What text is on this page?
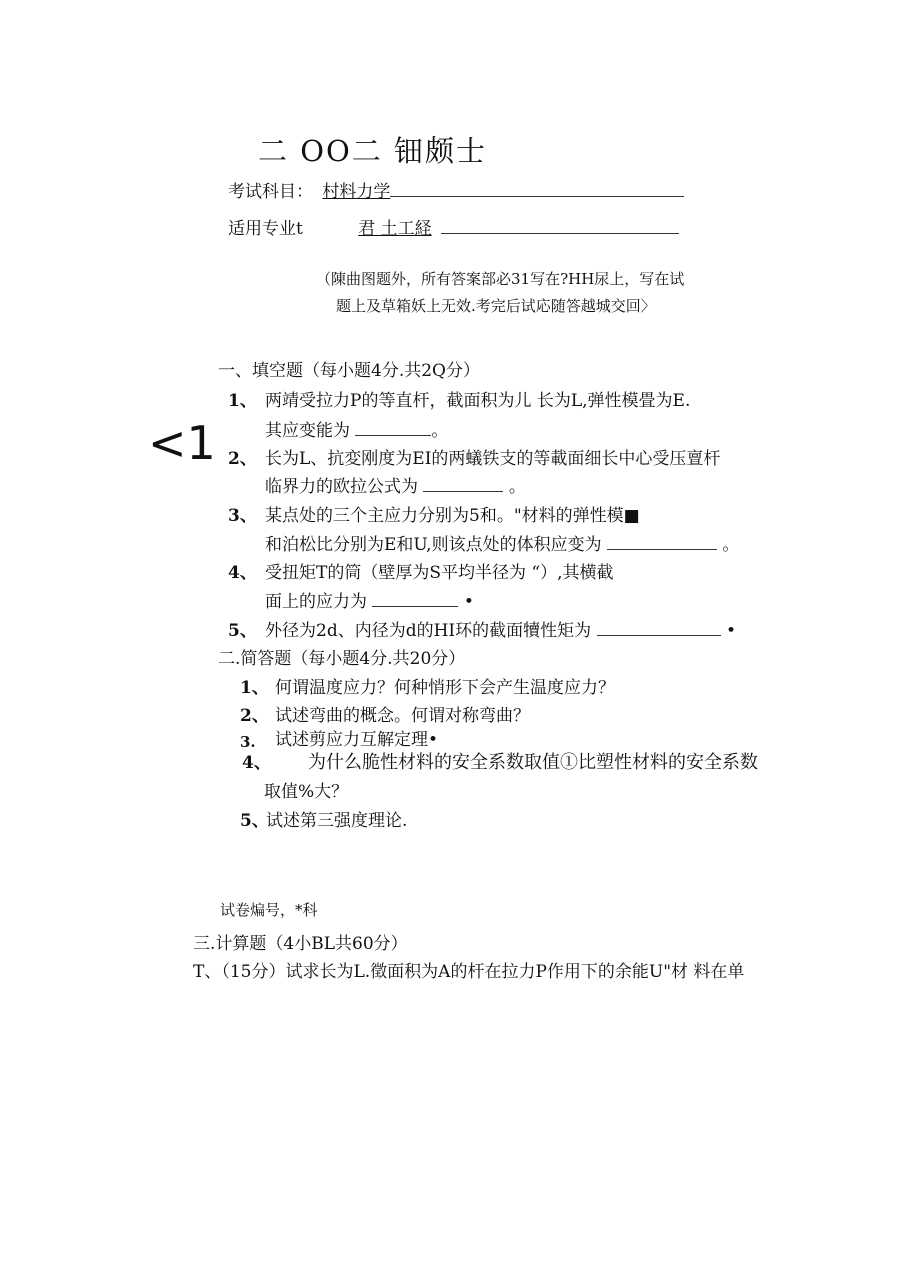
二 OO二 钿颇士
考试科目： 村料力学
适用专业t	君 土工経
（陳曲图题外，所有答案部必31写在?HH尿上，写在试
题上及草箱妖上无效.考完后试応随答越城交回〉
<1
一、填空题（每小题4分.共2Q分）
1、 两靖受拉力P的等直杆，截面积为儿 长为L,弹性模畳为E.
其应变能为	。
2、 长为L、抗変刚度为EI的两蟻铁支的等載面细长中心受压亶杆
临界力的欧拉公式为	。
3、 某点处的三个主应力分别为5和。"材料的弹性模■
和泊松比分别为E和U,则该点处的体积应变为	。
4、 受扭矩T的筒（壁厚为S平均半径为 “）,其横截
面上的应力为	•
5、 外径为2d、内径为d的HI环的截面犢性矩为	•
二.简答题（每小题4分.共20分）
1、 何谓温度应力？何种悄形下会产生温度应力？
2、 试述弯曲的概念。何谓对称弯曲？
3. 试述剪应力互解定理•
4、 为什么脆性材料的安全系数取值①比塑性材料的安全系数
取值%大？
5、
试述第三强度理论.
试卷煸号，*科
三.计算题（4小BL共60分）
T、（15分）试求长为L.徵面积为A的杆在拉力P作用下的余能U"材 料在单
